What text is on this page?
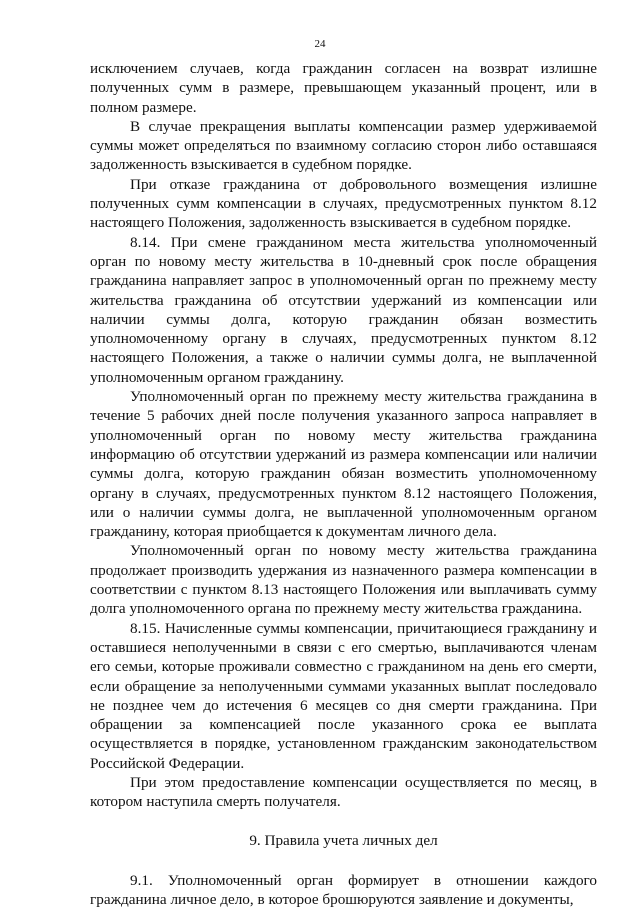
24

исключением случаев, когда гражданин согласен на возврат излишне полученных сумм в размере, превышающем указанный процент, или в полном размере.

В случае прекращения выплаты компенсации размер удерживаемой суммы может определяться по взаимному согласию сторон либо оставшаяся задолженность взыскивается в судебном порядке.

При отказе гражданина от добровольного возмещения излишне полученных сумм компенсации в случаях, предусмотренных пунктом 8.12 настоящего Положения, задолженность взыскивается в судебном порядке.

8.14. При смене гражданином места жительства уполномоченный орган по новому месту жительства в 10-дневный срок после обращения гражданина направляет запрос в уполномоченный орган по прежнему месту жительства гражданина об отсутствии удержаний из компенсации или наличии суммы долга, которую гражданин обязан возместить уполномоченному органу в случаях, предусмотренных пунктом 8.12 настоящего Положения, а также о наличии суммы долга, не выплаченной уполномоченным органом гражданину.

Уполномоченный орган по прежнему месту жительства гражданина в течение 5 рабочих дней после получения указанного запроса направляет в уполномоченный орган по новому месту жительства гражданина информацию об отсутствии удержаний из размера компенсации или наличии суммы долга, которую гражданин обязан возместить уполномоченному органу в случаях, предусмотренных пунктом 8.12 настоящего Положения, или о наличии суммы долга, не выплаченной уполномоченным органом гражданину, которая приобщается к документам личного дела.

Уполномоченный орган по новому месту жительства гражданина продолжает производить удержания из назначенного размера компенсации в соответствии с пунктом 8.13 настоящего Положения или выплачивать сумму долга уполномоченного органа по прежнему месту жительства гражданина.

8.15. Начисленные суммы компенсации, причитающиеся гражданину и оставшиеся неполученными в связи с его смертью, выплачиваются членам его семьи, которые проживали совместно с гражданином на день его смерти, если обращение за неполученными суммами указанных выплат последовало не позднее чем до истечения 6 месяцев со дня смерти гражданина. При обращении за компенсацией после указанного срока ее выплата осуществляется в порядке, установленном гражданским законодательством Российской Федерации.

При этом предоставление компенсации осуществляется по месяц, в котором наступила смерть получателя.

9. Правила учета личных дел

9.1. Уполномоченный орган формирует в отношении каждого гражданина личное дело, в которое брошюруются заявление и документы,
